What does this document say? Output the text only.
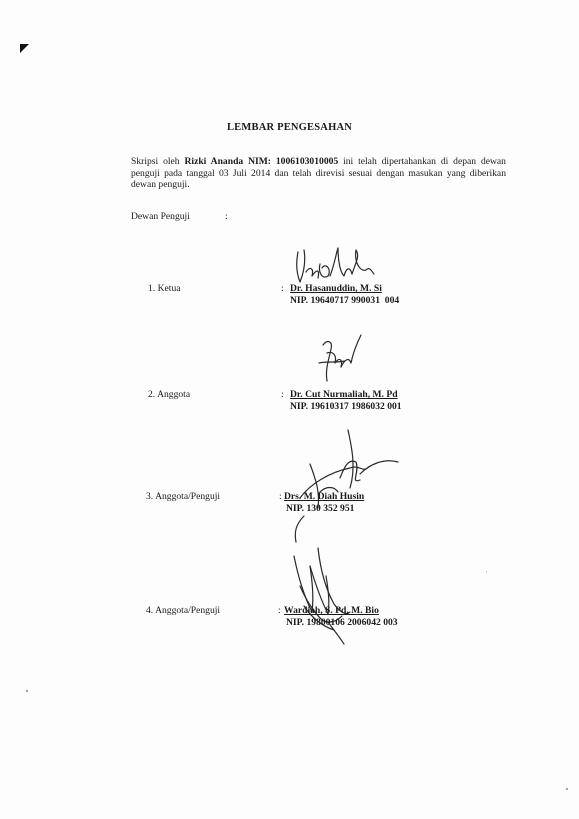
LEMBAR PENGESAHAN
Skripsi oleh Rizki Ananda NIM: 1006103010005 ini telah dipertahankan di depan dewan penguji pada tanggal 03 Juli 2014 dan telah direvisi sesuai dengan masukan yang diberikan dewan penguji.
Dewan Penguji	:
1. Ketua	: Dr. Hasanuddin, M. Si
NIP. 19640717 990031  004
2. Anggota	: Dr. Cut Nurmaliah, M. Pd
NIP. 19610317 1986032 001
3. Anggota/Penguji	: Drs. M. Diah Husin
NIP. 130 352 951
4. Anggota/Penguji	: Wardiah, S. Pd, M. Bio
NIP. 19800106 2006042 003
